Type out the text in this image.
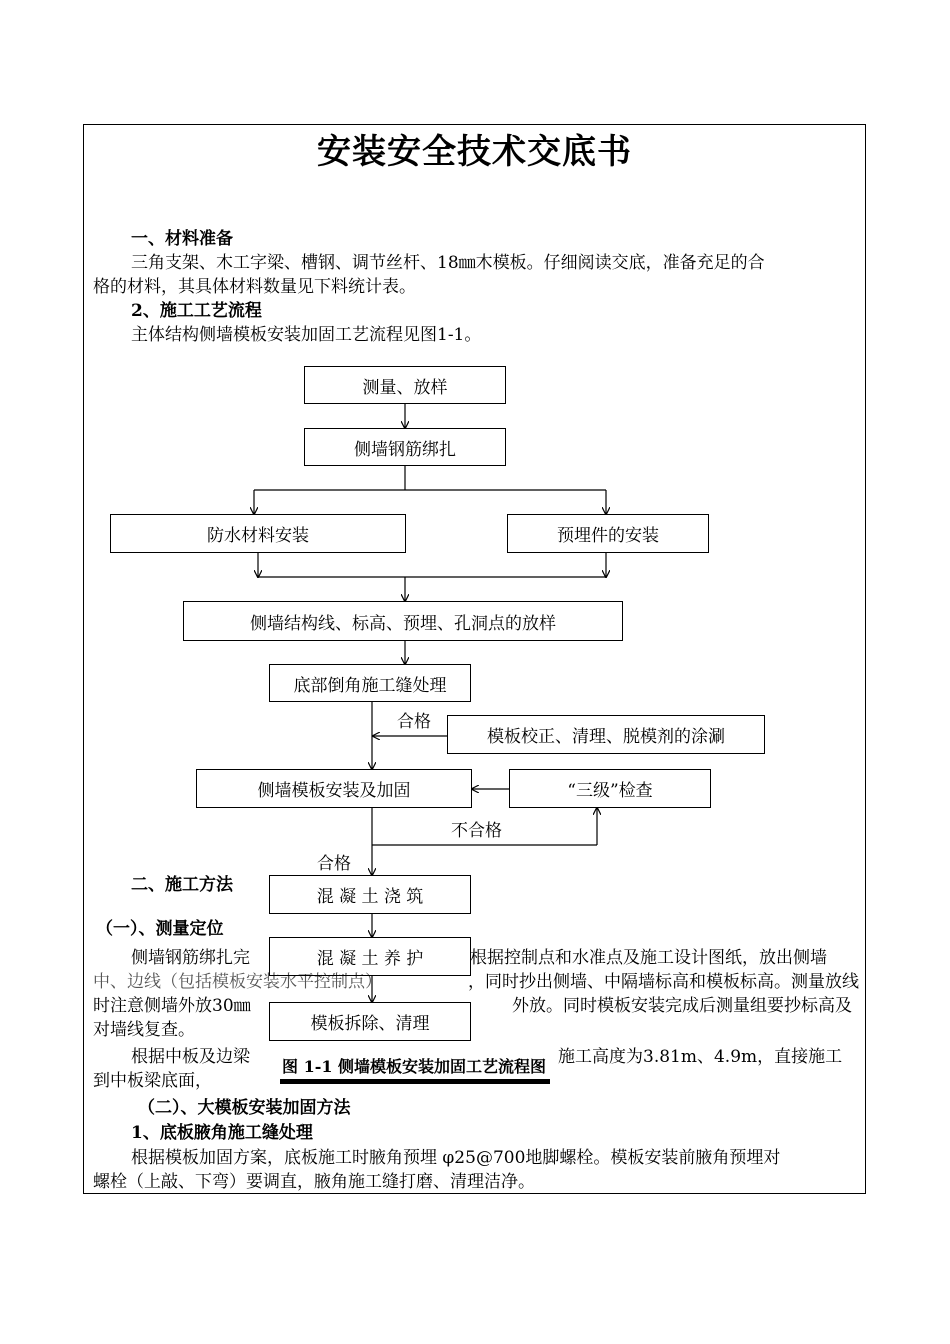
安装安全技术交底书
一、材料准备
三角支架、木工字梁、槽钢、调节丝杆、18㎜木模板。仔细阅读交底，准备充足的合
格的材料，其具体材料数量见下料统计表。
2、施工工艺流程
主体结构侧墙模板安装加固工艺流程见图1-1。
二、施工方法
（一）、测量定位
侧墙钢筋绑扎完	根据控制点和水准点及施工设计图纸，放出侧墙
中、边线（包括模板安装水平控制点）	，同时抄出侧墙、中隔墙标高和模板标高。测量放线
时注意侧墙外放30㎜	外放。同时模板安装完成后测量组要抄标高及
对墙线复查。
根据中板及边梁	施工高度为3.81m、4.9m，直接施工
到中板梁底面，
（二）、大模板安装加固方法
1、底板腋角施工缝处理
根据模板加固方案，底板施工时腋角预埋 φ25@700地脚螺栓。模板安装前腋角预埋对
螺栓（上敲、下弯）要调直，腋角施工缝打磨、清理洁净。
测量、放样
侧墙钢筋绑扎
防水材料安装	预埋件的安装
侧墙结构线、标高、预埋、孔洞点的放样
底部倒角施工缝处理
模板校正、清理、脱模剂的涂涮
合格
侧墙模板安装及加固	“三级”检查
不合格
合格
混 凝 土 浇 筑
混 凝 土 养 护
模板拆除、清理
图 1-1 侧墙模板安装加固工艺流程图
